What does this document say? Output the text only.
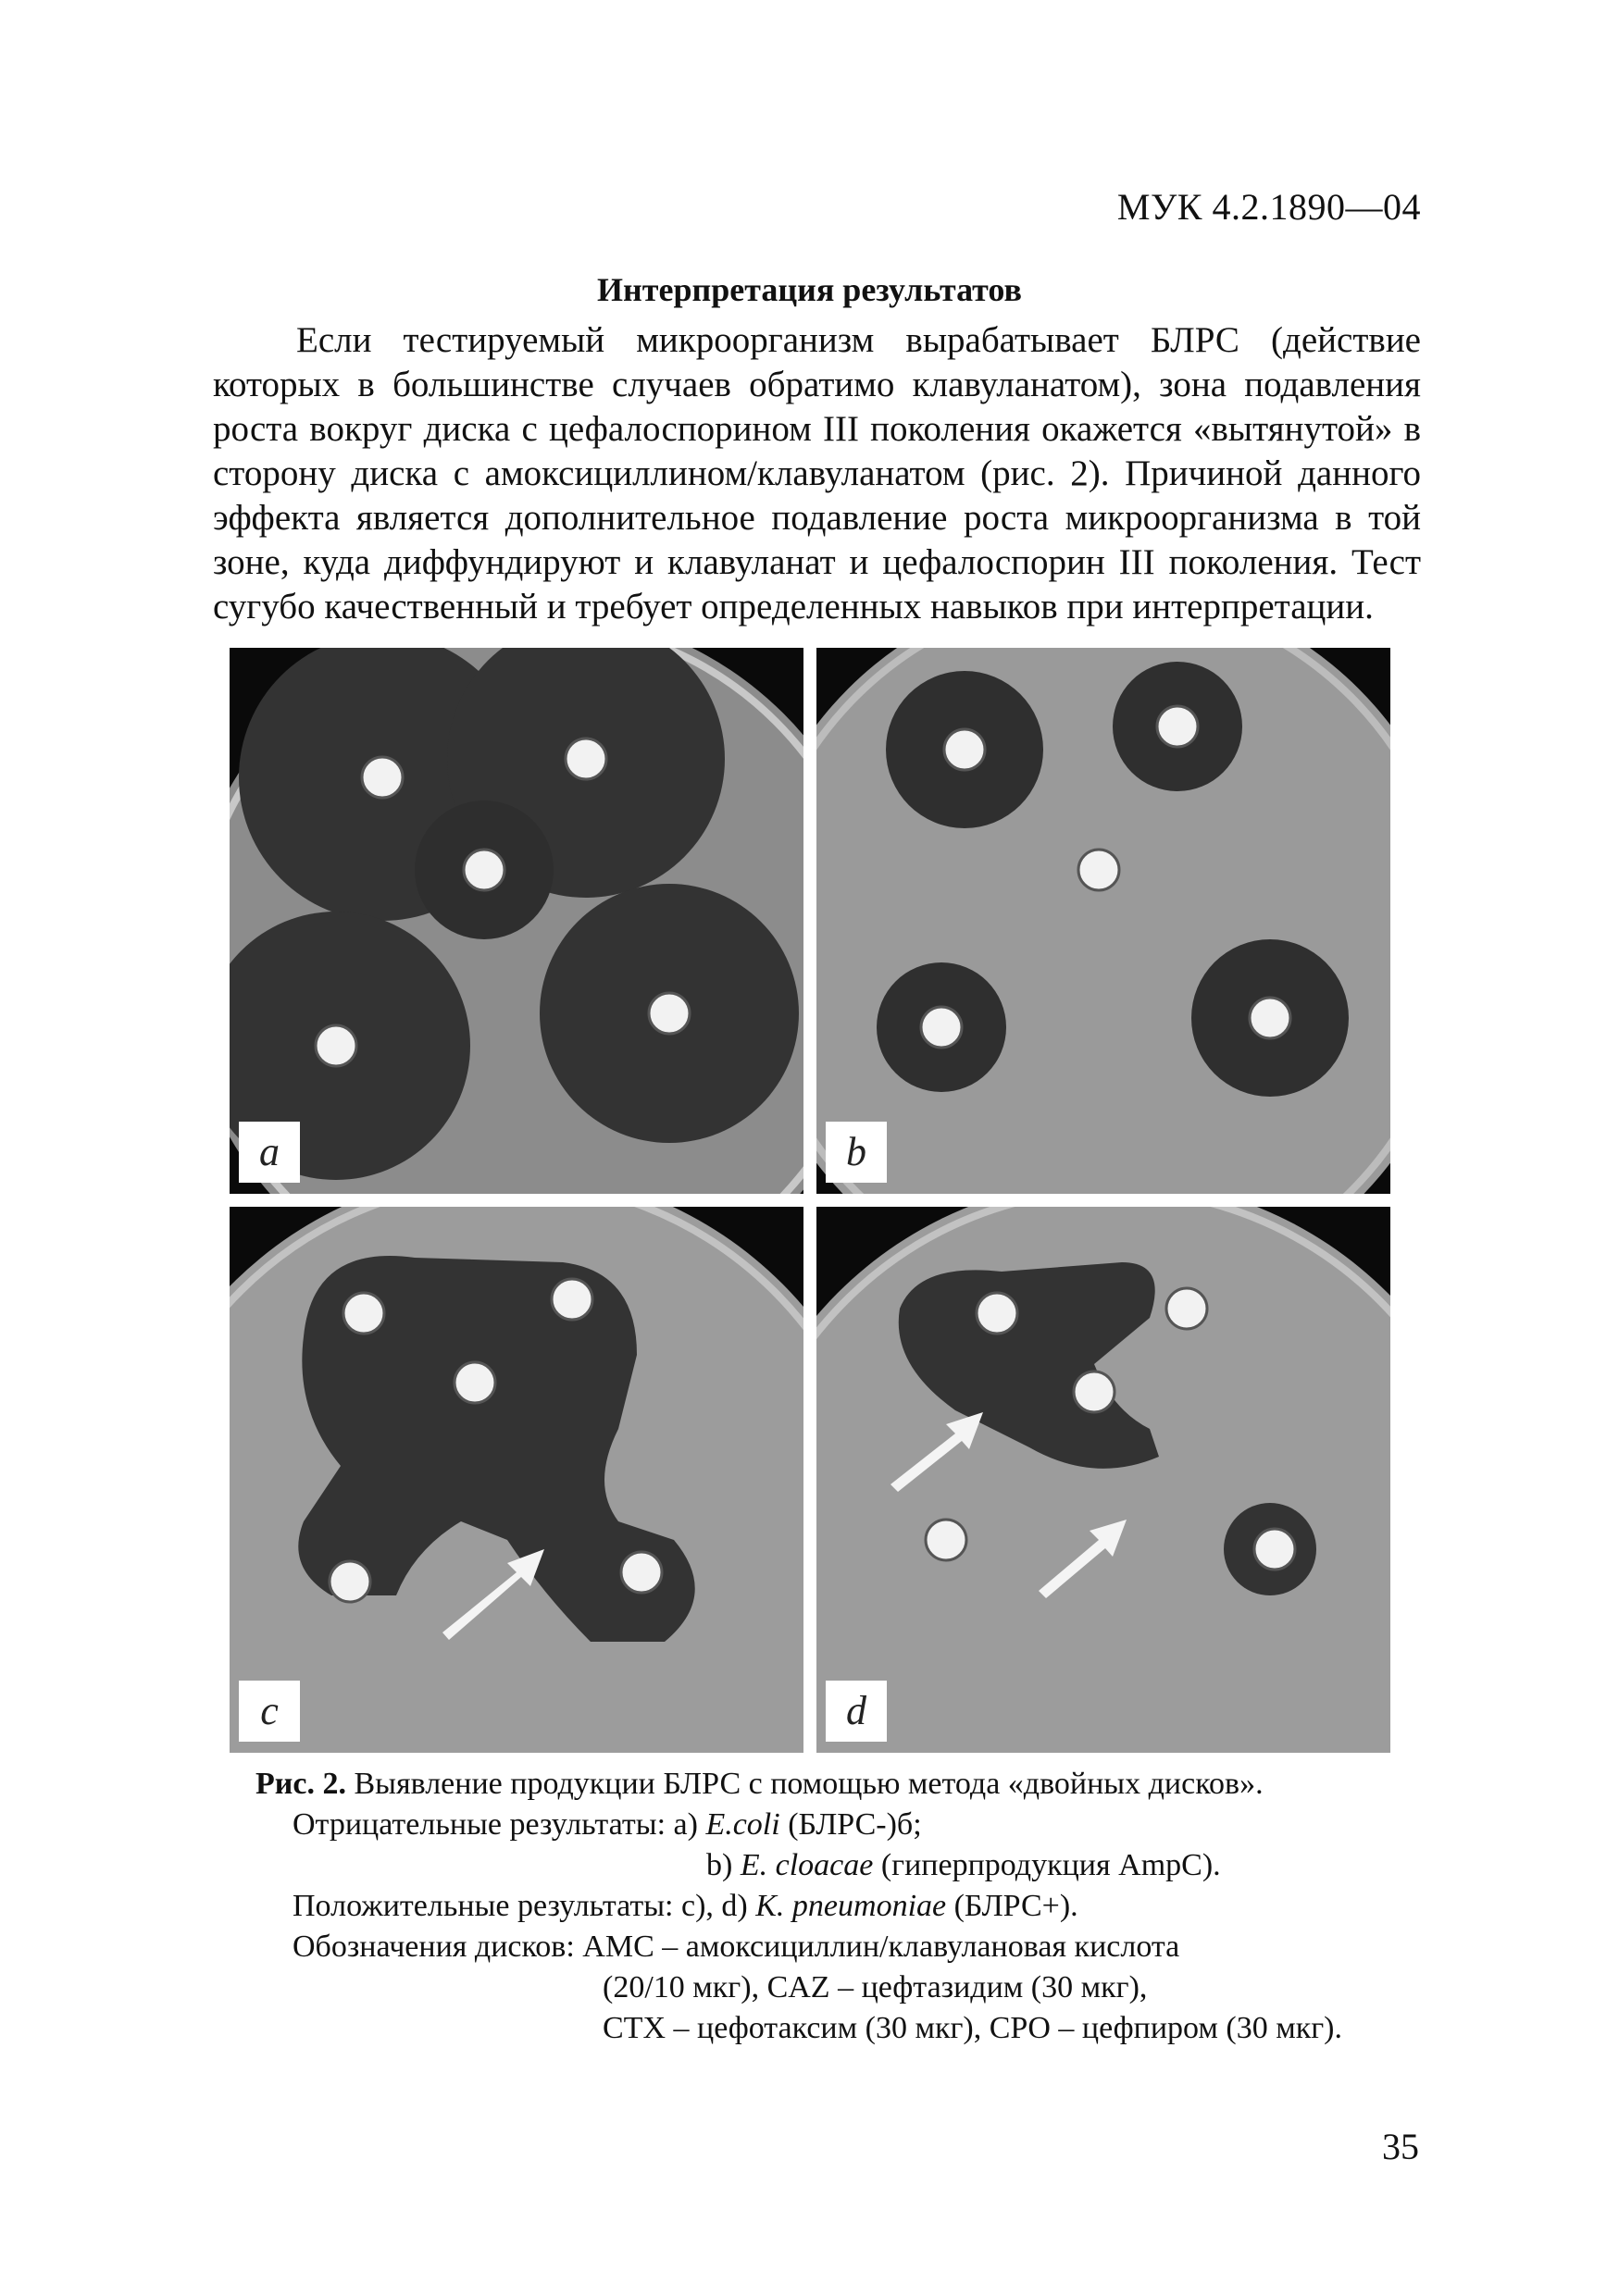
МУК 4.2.1890—04
Интерпретация результатов

Если тестируемый микроорганизм вырабатывает БЛРС (действие которых в большинстве случаев обратимо клавуланатом), зона подавления роста вокруг диска с цефалоспорином III поколения окажется «вытянутой» в сторону диска с амоксициллином/клавуланатом (рис. 2). Причиной данного эффекта является дополнительное подавление роста микроорганизма в той зоне, куда диффундируют и клавуланат и цефалоспорин III поколения. Тест сугубо качественный и требует определенных навыков при интерпретации.

a	b
c	d
Рис. 2. Выявление продукции БЛРС с помощью метода «двойных дисков».
Отрицательные результаты: a) E.coli (БЛРС-)б;
b) E. cloacae (гиперпродукция AmpC).
Положительные результаты: c), d) K. pneumoniae (БЛРС+).
Обозначения дисков: АМС – амоксициллин/клавулановая кислота
(20/10 мкг), CAZ – цефтазидим (30 мкг),
СТХ – цефотаксим (30 мкг), CPO – цефпиром (30 мкг).
35
